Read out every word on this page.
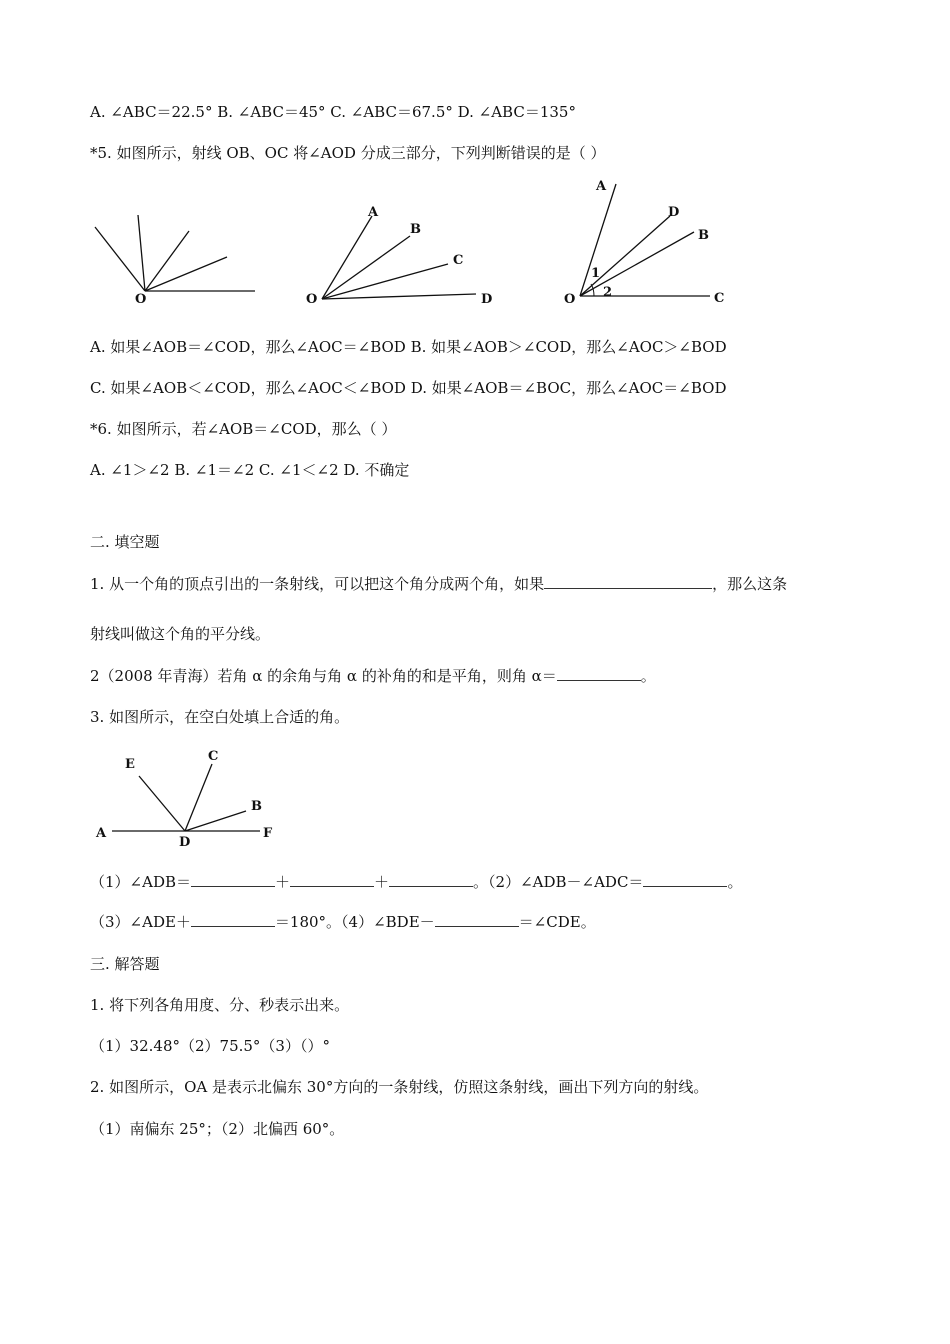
A. ∠ABC＝22.5° B. ∠ABC＝45° C. ∠ABC＝67.5° D. ∠ABC＝135°
*5. 如图所示，射线 OB、OC 将∠AOD 分成三部分，下列判断错误的是（ ）
O
A
B
C
D
O
A
D
B
C
O
1
2
A. 如果∠AOB＝∠COD，那么∠AOC＝∠BOD B. 如果∠AOB＞∠COD，那么∠AOC＞∠BOD
C. 如果∠AOB＜∠COD，那么∠AOC＜∠BOD D. 如果∠AOB＝∠BOC，那么∠AOC＝∠BOD
*6. 如图所示，若∠AOB＝∠COD，那么（ ）
A. ∠1＞∠2 B. ∠1＝∠2 C. ∠1＜∠2 D. 不确定
二. 填空题
1. 从一个角的顶点引出的一条射线，可以把这个角分成两个角，如果	，那么这条
射线叫做这个角的平分线。
2（2008 年青海）若角 α 的余角与角 α 的补角的和是平角，则角 α＝	。
3. 如图所示，在空白处填上合适的角。
E
C
B
A
D
F
（1）∠ADB＝	＋	＋	。（2）∠ADB－∠ADC＝	。
（3）∠ADE＋	＝180°。（4）∠BDE－	＝∠CDE。
三. 解答题
1. 将下列各角用度、分、秒表示出来。
（1）32.48°（2）75.5°（3）（）°
2. 如图所示，OA 是表示北偏东 30°方向的一条射线，仿照这条射线，画出下列方向的射线。
（1）南偏东 25°；（2）北偏西 60°。
